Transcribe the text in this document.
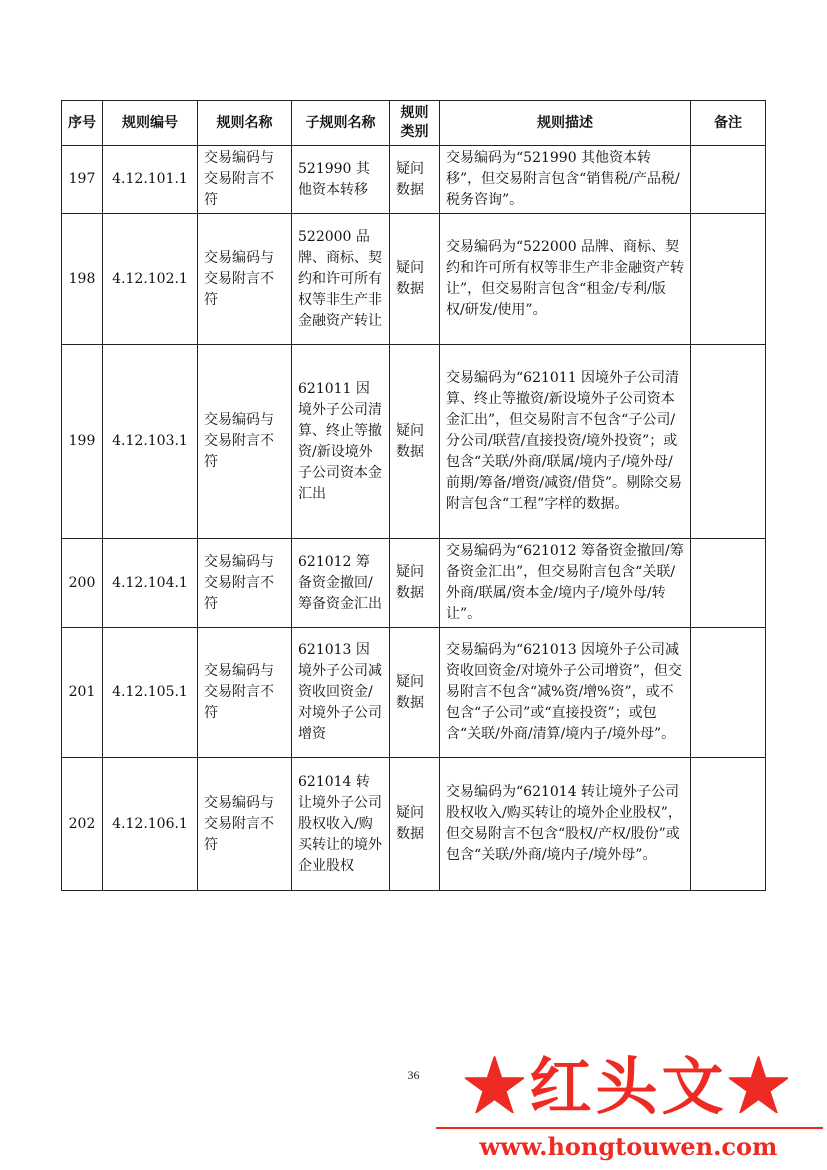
序号	规则编号	规则名称	子规则名称	规则类别	规则描述	备注
197	4.12.101.1	交易编码与交易附言不符	521990 其他资本转移	疑问数据	交易编码为“521990 其他资本转移”，但交易附言包含“销售税/产品税/税务咨询”。	
198	4.12.102.1	交易编码与交易附言不符	522000 品牌、商标、契约和许可所有权等非生产非金融资产转让	疑问数据	交易编码为“522000 品牌、商标、契约和许可所有权等非生产非金融资产转让”，但交易附言包含“租金/专利/版权/研发/使用”。	
199	4.12.103.1	交易编码与交易附言不符	621011 因境外子公司清算、终止等撤资/新设境外子公司资本金汇出	疑问数据	交易编码为“621011 因境外子公司清算、终止等撤资/新设境外子公司资本金汇出”，但交易附言不包含“子公司/分公司/联营/直接投资/境外投资”；或包含“关联/外商/联属/境内子/境外母/前期/筹备/增资/减资/借贷”。剔除交易附言包含“工程”字样的数据。	
200	4.12.104.1	交易编码与交易附言不符	621012 筹备资金撤回/筹备资金汇出	疑问数据	交易编码为“621012 筹备资金撤回/筹备资金汇出”，但交易附言包含“关联/外商/联属/资本金/境内子/境外母/转让”。	
201	4.12.105.1	交易编码与交易附言不符	621013 因境外子公司减资收回资金/对境外子公司增资	疑问数据	交易编码为“621013 因境外子公司减资收回资金/对境外子公司增资”，但交易附言不包含“减%资/增%资”，或不包含“子公司”或“直接投资”；或包含“关联/外商/清算/境内子/境外母”。	
202	4.12.106.1	交易编码与交易附言不符	621014 转让境外子公司股权收入/购买转让的境外企业股权	疑问数据	交易编码为“621014 转让境外子公司股权收入/购买转让的境外企业股权”，但交易附言不包含“股权/产权/股份”或包含“关联/外商/境内子/境外母”。	
36 ★红头文★
www.hongtouwen.com
